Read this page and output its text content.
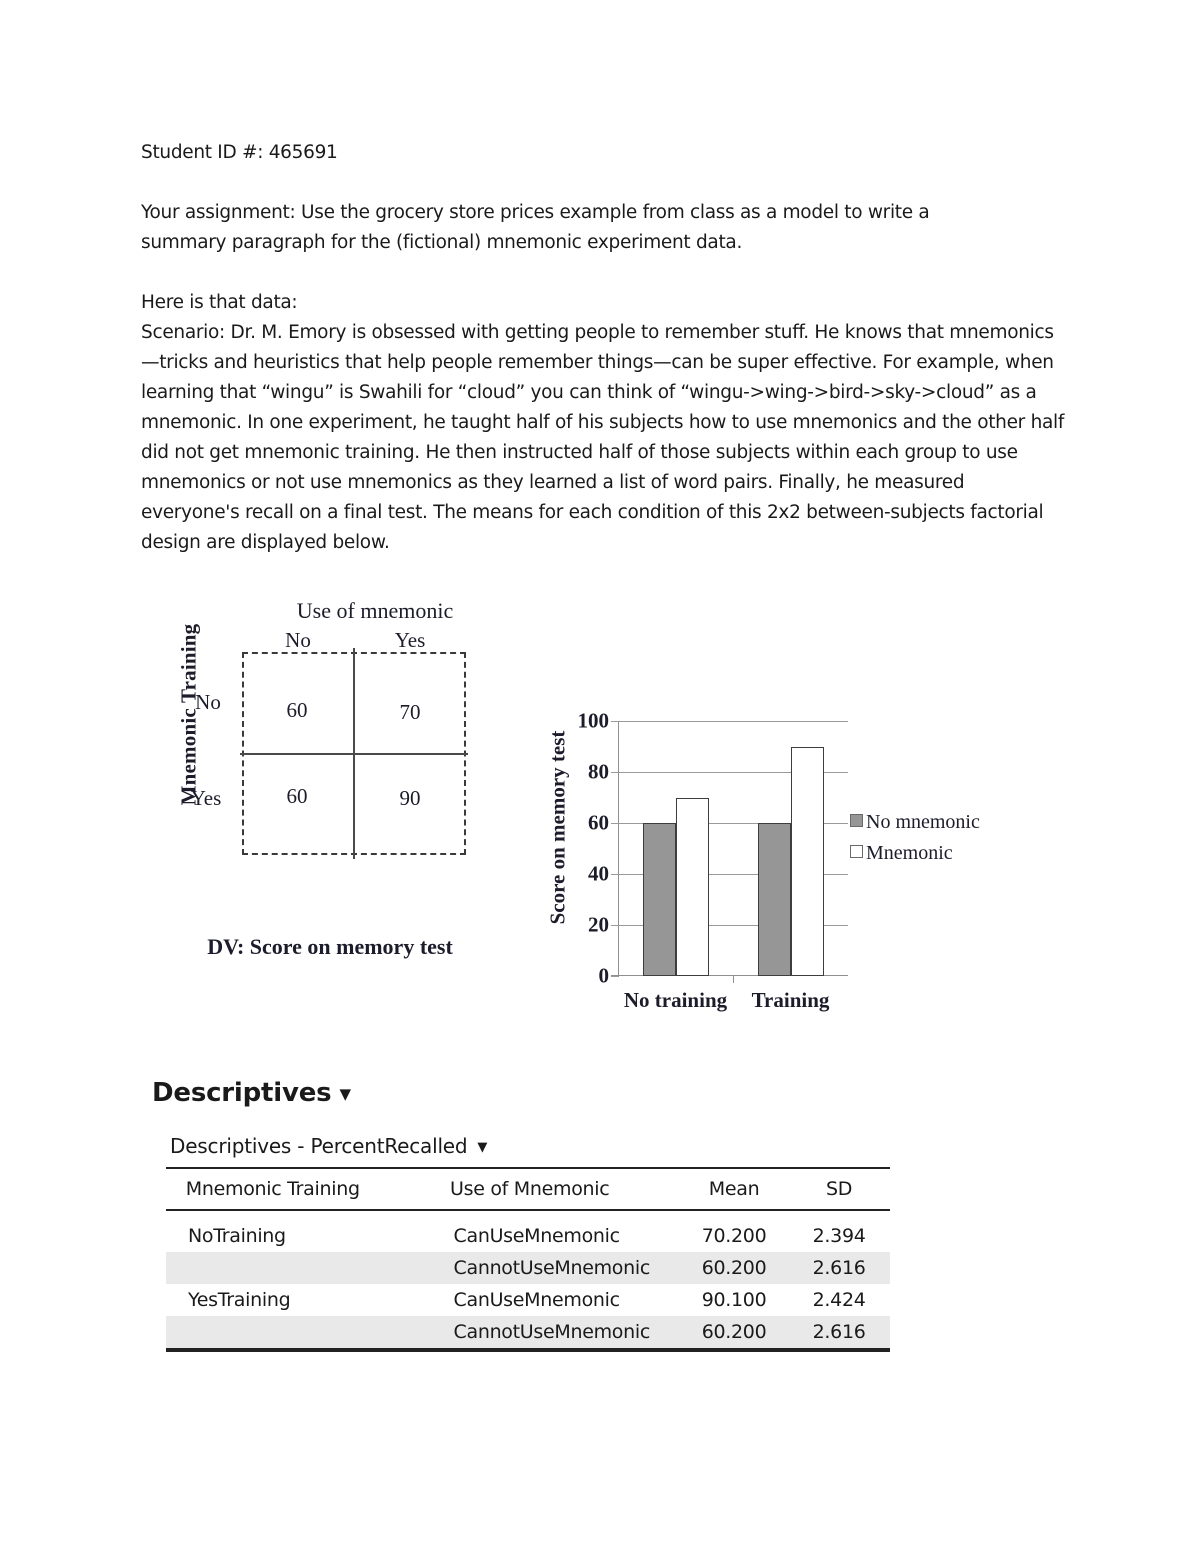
Student ID #: 465691

Your assignment: Use the grocery store prices example from class as a model to write a

summary paragraph for the (fictional) mnemonic experiment data.

Here is that data:

Scenario: Dr. M. Emory is obsessed with getting people to remember stuff. He knows that mnemonics—tricks and heuristics that help people remember things—can be super effective. For example, when learning that “wingu” is Swahili for “cloud” you can think of “wingu->wing->bird->sky->cloud” as a mnemonic. In one experiment, he taught half of his subjects how to use mnemonics and the other half did not get mnemonic training. He then instructed half of those subjects within each group to use mnemonics or not use mnemonics as they learned a list of word pairs. Finally, he measured everyone's recall on a final test. The means for each condition of this 2x2 between-subjects factorial design are displayed below.

Use of mnemonic
No	Yes
Mnemonic Training
No
Yes
60	70
60	90
DV: Score on memory test
Score on memory test
0
20
40
60
80
100
No training Training
No mnemonic
Mnemonic
Descriptives ▼
Descriptives - PercentRecalled ▼
Mnemonic Training	Use of Mnemonic	Mean	SD
NoTraining	CanUseMnemonic	70.200	2.394
	CannotUseMnemonic	60.200	2.616
YesTraining	CanUseMnemonic	90.100	2.424
	CannotUseMnemonic	60.200	2.616
